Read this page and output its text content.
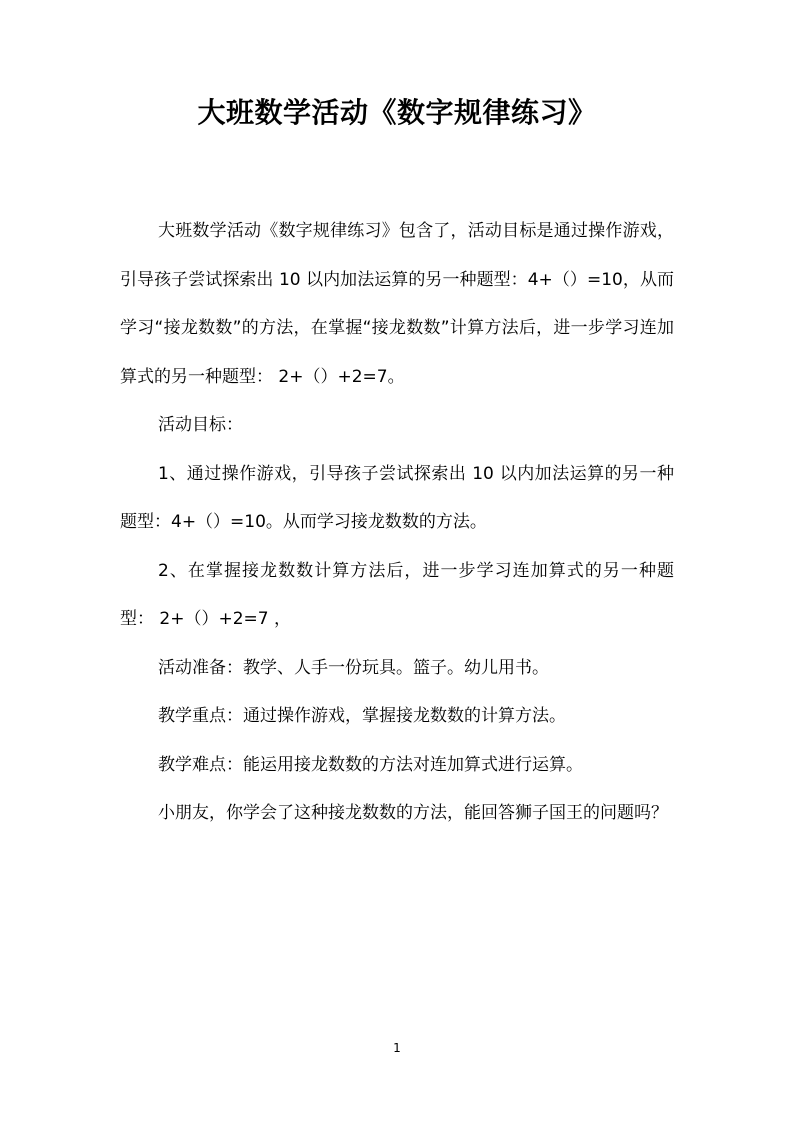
大班数学活动《数字规律练习》

大班数学活动《数字规律练习》包含了，活动目标是通过操作游戏，引导孩子尝试探索出 10 以内加法运算的另一种题型：4+（）=10，从而学习“接龙数数”的方法，在掌握“接龙数数”计算方法后，进一步学习连加算式的另一种题型： 2+（）+2=7。

活动目标：

1、通过操作游戏，引导孩子尝试探索出 10 以内加法运算的另一种题型：4+（）=10。从而学习接龙数数的方法。

2、在掌握接龙数数计算方法后，进一步学习连加算式的另一种题型： 2+（）+2=7 ，

活动准备：教学、人手一份玩具。篮子。幼儿用书。

教学重点：通过操作游戏，掌握接龙数数的计算方法。

教学难点：能运用接龙数数的方法对连加算式进行运算。

小朋友，你学会了这种接龙数数的方法，能回答狮子国王的问题吗？

1
